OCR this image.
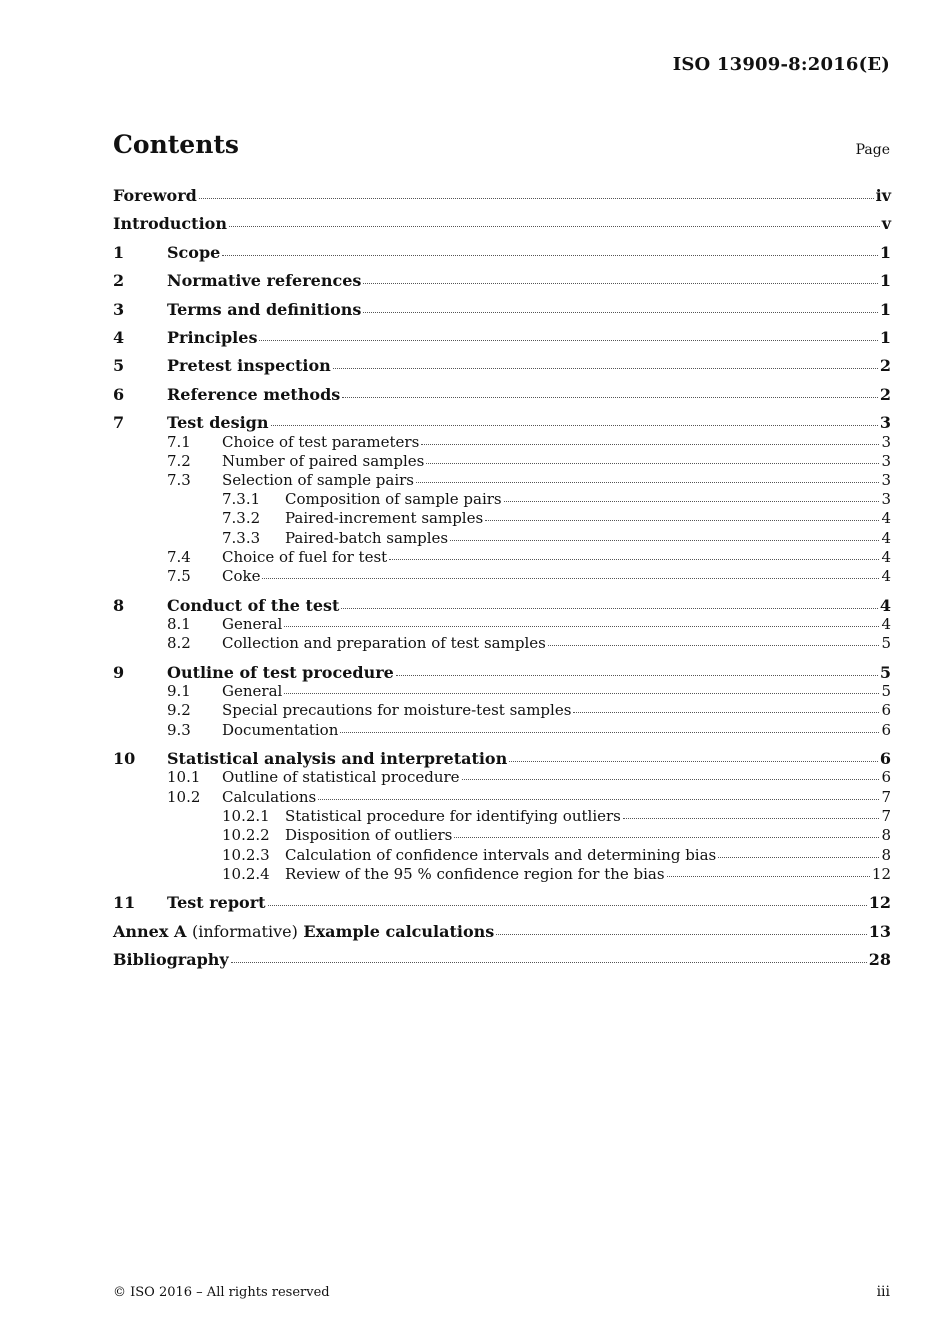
ISO 13909-8:2016(E)
Contents	Page
Foreword	iv
Introduction	v
1	Scope	1
2	Normative references	1
3	Terms and definitions	1
4	Principles	1
5	Pretest inspection	2
6	Reference methods	2
7	Test design	3
7.1	Choice of test parameters	3
7.2	Number of paired samples	3
7.3	Selection of sample pairs	3
7.3.1	Composition of sample pairs	3
7.3.2	Paired-increment samples	4
7.3.3	Paired-batch samples	4
7.4	Choice of fuel for test	4
7.5	Coke	4
8	Conduct of the test	4
8.1	General	4
8.2	Collection and preparation of test samples	5
9	Outline of test procedure	5
9.1	General	5
9.2	Special precautions for moisture-test samples	6
9.3	Documentation	6
10	Statistical analysis and interpretation	6
10.1	Outline of statistical procedure	6
10.2	Calculations	7
10.2.1	Statistical procedure for identifying outliers	7
10.2.2	Disposition of outliers	8
10.2.3	Calculation of confidence intervals and determining bias	8
10.2.4	Review of the 95 % confidence region for the bias	12
11	Test report	12
Annex A (informative) Example calculations	13
Bibliography	28
© ISO 2016 – All rights reserved	iii
